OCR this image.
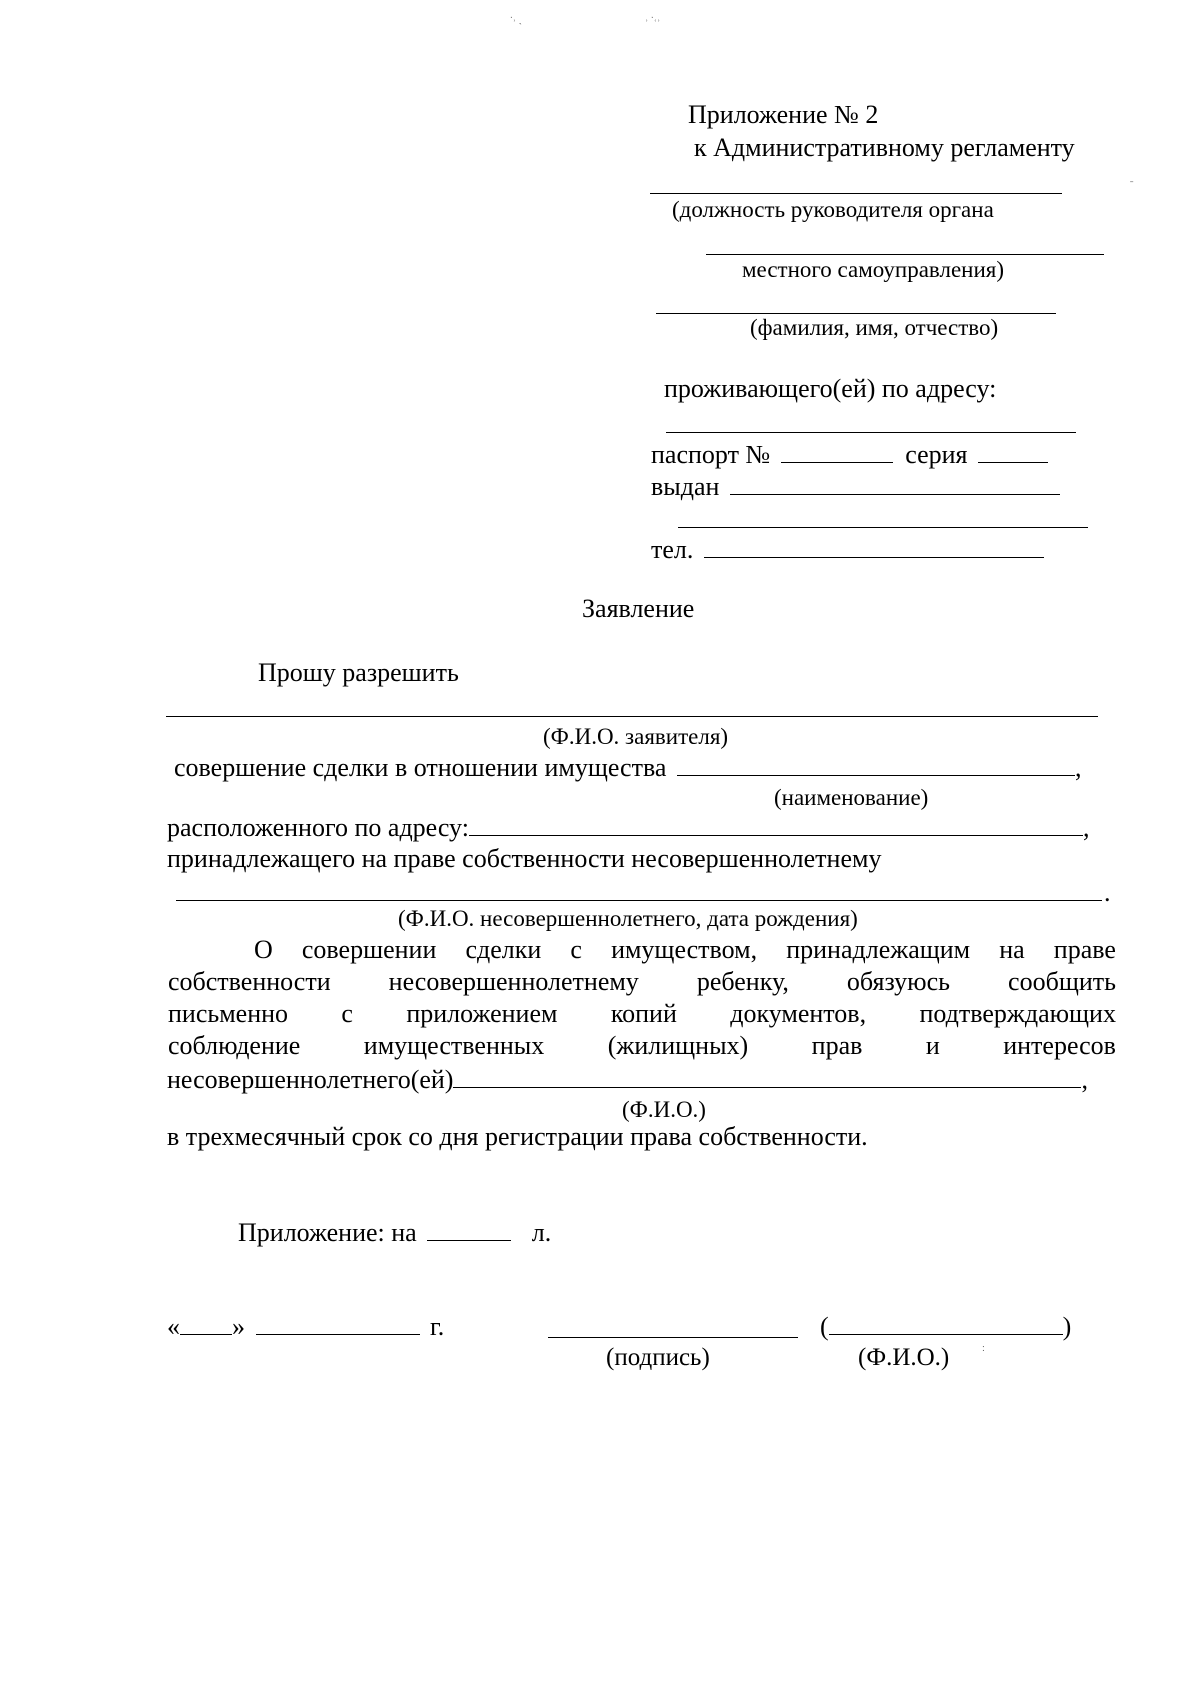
ˑ˒ ˏ	˒ ˑ˓˒
ˉ
Приложение № 2
к Административному регламенту
(должность руководителя органа
местного самоуправления)
(фамилия, имя, отчество)
проживающего(ей) по адресу:
паспорт №	серия
выдан
тел.
Заявление
Прошу разрешить
(Ф.И.О. заявителя)
совершение сделки в отношении имущества	,
(наименование)
расположенного по адресу:	,
принадлежащего на праве собственности несовершеннолетнему
.
(Ф.И.О. несовершеннолетнего, дата рождения)
О совершении сделки с имуществом, принадлежащим на праве
собственности несовершеннолетнему ребенку, обязуюсь сообщить
письменно с приложением копий документов, подтверждающих
соблюдение имущественных (жилищных) прав и интересов
несовершеннолетнего(ей)	,
(Ф.И.О.)
в трехмесячный срок со дня регистрации права собственности.
Приложение: на	л.
« »	г.	(	)
(подпись)	(Ф.И.О.)	˸
